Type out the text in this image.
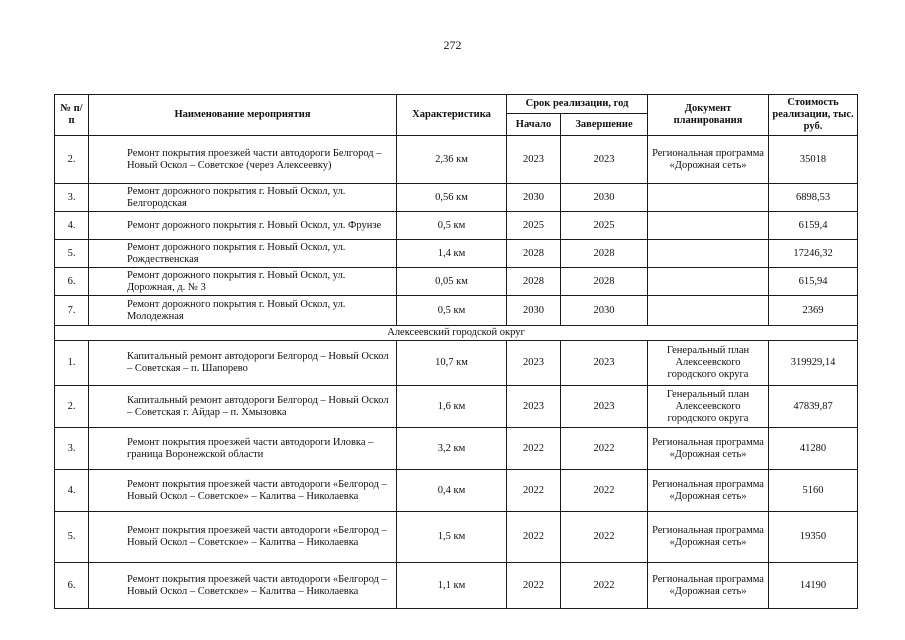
272
№ п/п	Наименование мероприятия	Характеристика	Срок реализации, год		Документ планирования	Стоимость реализации, тыс. руб.
			Начало	Завершение		
2.	Ремонт покрытия проезжей части автодороги Белгород – Новый Оскол – Советское (через Алексеевку)	2,36 км	2023	2023	Региональная программа «Дорожная сеть»	35018
3.	Ремонт дорожного покрытия г. Новый Оскол, ул. Белгородская	0,56 км	2030	2030		6898,53
4.	Ремонт дорожного покрытия г. Новый Оскол, ул. Фрунзе	0,5 км	2025	2025		6159,4
5.	Ремонт дорожного покрытия г. Новый Оскол, ул. Рождественская	1,4 км	2028	2028		17246,32
6.	Ремонт дорожного покрытия г. Новый Оскол, ул. Дорожная, д. № 3	0,05 км	2028	2028		615,94
7.	Ремонт дорожного покрытия г. Новый Оскол, ул. Молодежная	0,5 км	2030	2030		2369
Алексеевский городской округ						
1.	Капитальный ремонт автодороги Белгород – Новый Оскол – Советская – п. Шапорево	10,7 км	2023	2023	Генеральный план Алексеевского городского округа	319929,14
2.	Капитальный ремонт автодороги Белгород – Новый Оскол – Советская г. Айдар – п. Хмызовка	1,6 км	2023	2023	Генеральный план Алексеевского городского округа	47839,87
3.	Ремонт покрытия проезжей части автодороги Иловка – граница Воронежской области	3,2 км	2022	2022	Региональная программа «Дорожная сеть»	41280
4.	Ремонт покрытия проезжей части автодороги «Белгород – Новый Оскол – Советское» – Калитва – Николаевка	0,4 км	2022	2022	Региональная программа «Дорожная сеть»	5160
5.	Ремонт покрытия проезжей части автодороги «Белгород – Новый Оскол – Советское» – Калитва – Николаевка	1,5 км	2022	2022	Региональная программа «Дорожная сеть»	19350
6.	Ремонт покрытия проезжей части автодороги «Белгород – Новый Оскол – Советское» – Калитва – Николаевка	1,1 км	2022	2022	Региональная программа «Дорожная сеть»	14190
